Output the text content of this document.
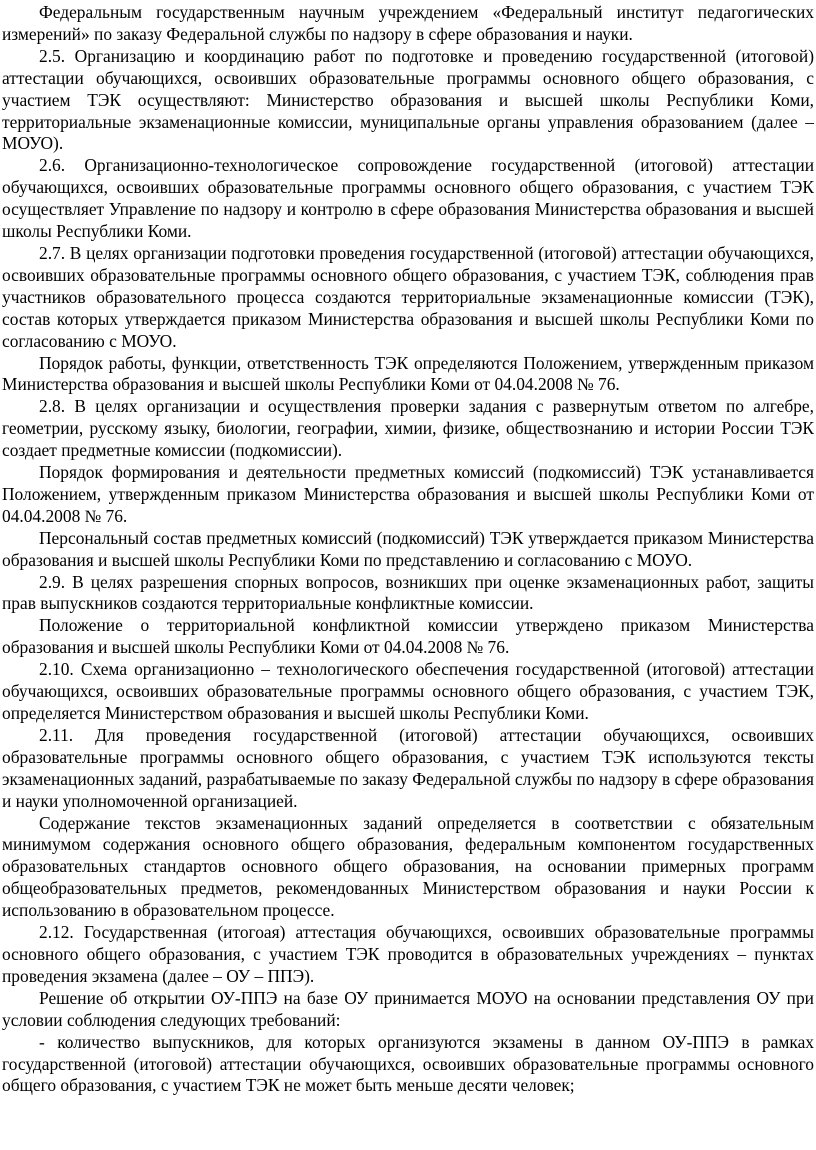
Федеральным государственным научным учреждением «Федеральный институт педагогических измерений» по заказу Федеральной службы по надзору в сфере образования и науки.

2.5. Организацию и координацию работ по подготовке и проведению государственной (итоговой) аттестации обучающихся, освоивших образовательные программы основного общего образования, с участием ТЭК осуществляют: Министерство образования и высшей школы Республики Коми, территориальные экзаменационные комиссии, муниципальные органы управления образованием (далее – МОУО).

2.6. Организационно-технологическое сопровождение государственной (итоговой) аттестации обучающихся, освоивших образовательные программы основного общего образования, с участием ТЭК осуществляет Управление по надзору и контролю в сфере образования Министерства образования и высшей школы Республики Коми.

2.7. В целях организации подготовки проведения государственной (итоговой) аттестации обучающихся, освоивших образовательные программы основного общего образования, с участием ТЭК, соблюдения прав участников образовательного процесса создаются территориальные экзаменационные комиссии (ТЭК), состав которых утверждается приказом Министерства образования и высшей школы Республики Коми по согласованию с МОУО.

Порядок работы, функции, ответственность ТЭК определяются Положением, утвержденным приказом Министерства образования и высшей школы Республики Коми от 04.04.2008 № 76.

2.8. В целях организации и осуществления проверки задания с развернутым ответом по алгебре, геометрии, русскому языку, биологии, географии, химии, физике, обществознанию и истории России ТЭК создает предметные комиссии (подкомиссии).

Порядок формирования и деятельности предметных комиссий (подкомиссий) ТЭК устанавливается Положением, утвержденным приказом Министерства образования и высшей школы Республики Коми от 04.04.2008 № 76.

Персональный состав предметных комиссий (подкомиссий) ТЭК утверждается приказом Министерства образования и высшей школы Республики Коми по представлению и согласованию с МОУО.

2.9. В целях разрешения спорных вопросов, возникших при оценке экзаменационных работ, защиты прав выпускников создаются территориальные конфликтные комиссии.

Положение о территориальной конфликтной комиссии утверждено приказом Министерства образования и высшей школы Республики Коми от 04.04.2008 № 76.

2.10. Схема организационно – технологического обеспечения государственной (итоговой) аттестации обучающихся, освоивших образовательные программы основного общего образования, с участием ТЭК, определяется Министерством образования и высшей школы Республики Коми.

2.11. Для проведения государственной (итоговой) аттестации обучающихся, освоивших образовательные программы основного общего образования, с участием ТЭК используются тексты экзаменационных заданий, разрабатываемые по заказу Федеральной службы по надзору в сфере образования и науки уполномоченной организацией.

Содержание текстов экзаменационных заданий определяется в соответствии с обязательным минимумом содержания основного общего образования, федеральным компонентом государственных образовательных стандартов основного общего образования, на основании примерных программ общеобразовательных предметов, рекомендованных Министерством образования и науки России к использованию в образовательном процессе.

2.12. Государственная (итогоая) аттестация обучающихся, освоивших образовательные программы основного общего образования, с участием ТЭК проводится в образовательных учреждениях – пунктах проведения экзамена (далее – ОУ – ППЭ).

Решение об открытии ОУ-ППЭ на базе ОУ принимается МОУО на основании представления ОУ при условии соблюдения следующих требований:

- количество выпускников, для которых организуются экзамены в данном ОУ-ППЭ в рамках государственной (итоговой) аттестации обучающихся, освоивших образовательные программы основного общего образования, с участием ТЭК не может быть меньше десяти человек;
